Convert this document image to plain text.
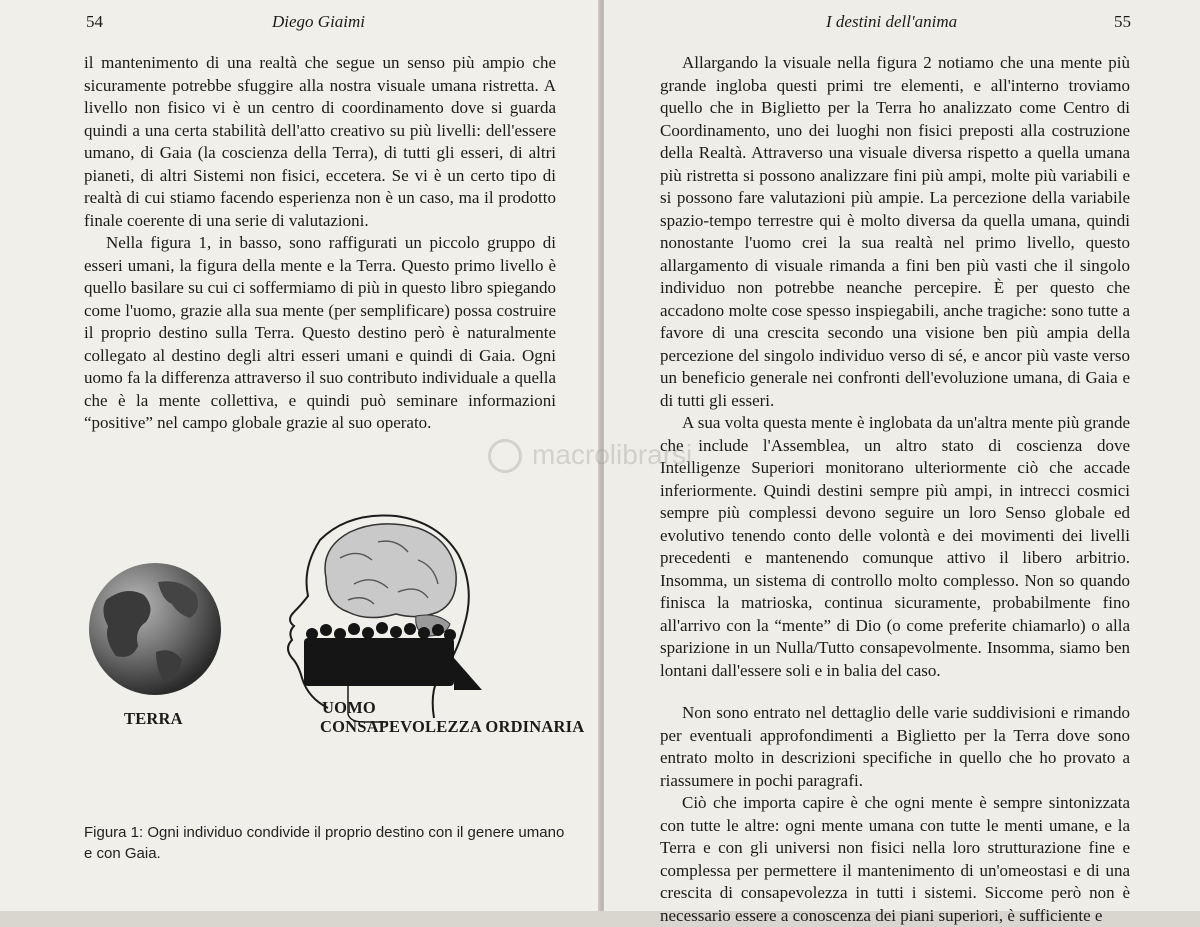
54	Diego Giaimi

il mantenimento di una realtà che segue un senso più ampio che sicuramente potrebbe sfuggire alla nostra visuale umana ristretta. A livello non fisico vi è un centro di coordinamento dove si guarda quindi a una certa stabilità dell'atto creativo su più livelli: dell'essere umano, di Gaia (la coscienza della Terra), di tutti gli esseri, di altri pianeti, di altri Sistemi non fisici, eccetera. Se vi è un certo tipo di realtà di cui stiamo facendo esperienza non è un caso, ma il prodotto finale coerente di una serie di valutazioni.

Nella figura 1, in basso, sono raffigurati un piccolo gruppo di esseri umani, la figura della mente e la Terra. Questo primo livello è quello basilare su cui ci soffermiamo di più in questo libro spiegando come l'uomo, grazie alla sua mente (per semplificare) possa costruire il proprio destino sulla Terra. Questo destino però è naturalmente collegato al destino degli altri esseri umani e quindi di Gaia. Ogni uomo fa la differenza attraverso il suo contributo individuale a quella che è la mente collettiva, e quindi può seminare informazioni “positive” nel campo globale grazie al suo operato.

TERRA
UOMO
CONSAPEVOLEZZA ORDINARIA
Figura 1: Ogni individuo condivide il proprio destino con il genere umano e con Gaia.
I destini dell'anima	55

Allargando la visuale nella figura 2 notiamo che una mente più grande ingloba questi primi tre elementi, e all'interno troviamo quello che in Biglietto per la Terra ho analizzato come Centro di Coordinamento, uno dei luoghi non fisici preposti alla costruzione della Realtà. Attraverso una visuale diversa rispetto a quella umana più ristretta si possono analizzare fini più ampi, molte più variabili e si possono fare valutazioni più ampie. La percezione della variabile spazio-tempo terrestre qui è molto diversa da quella umana, quindi nonostante l'uomo crei la sua realtà nel primo livello, questo allargamento di visuale rimanda a fini ben più vasti che il singolo individuo non potrebbe neanche percepire. È per questo che accadono molte cose spesso inspiegabili, anche tragiche: sono tutte a favore di una crescita secondo una visione ben più ampia della percezione del singolo individuo verso di sé, e ancor più vaste verso un beneficio generale nei confronti dell'evoluzione umana, di Gaia e di tutti gli esseri.

A sua volta questa mente è inglobata da un'altra mente più grande che include l'Assemblea, un altro stato di coscienza dove Intelligenze Superiori monitorano ulteriormente ciò che accade inferiormente. Quindi destini sempre più ampi, in intrecci cosmici sempre più complessi devono seguire un loro Senso globale ed evolutivo tenendo conto delle volontà e dei movimenti dei livelli precedenti e mantenendo comunque attivo il libero arbitrio. Insomma, un sistema di controllo molto complesso. Non so quando finisca la matrioska, continua sicuramente, probabilmente fino all'arrivo con la “mente” di Dio (o come preferite chiamarlo) o alla sparizione in un Nulla/Tutto consapevolmente. Insomma, siamo ben lontani dall'essere soli e in balia del caso.

Non sono entrato nel dettaglio delle varie suddivisioni e rimando per eventuali approfondimenti a Biglietto per la Terra dove sono entrato molto in descrizioni specifiche in quello che ho provato a riassumere in pochi paragrafi.

Ciò che importa capire è che ogni mente è sempre sintonizzata con tutte le altre: ogni mente umana con tutte le menti umane, e la Terra e con gli universi non fisici nella loro strutturazione fine e complessa per permettere il mantenimento di un'omeostasi e di una crescita di consapevolezza in tutti i sistemi. Siccome però non è necessario essere a conoscenza dei piani superiori, è sufficiente e

macrolibrarsi
